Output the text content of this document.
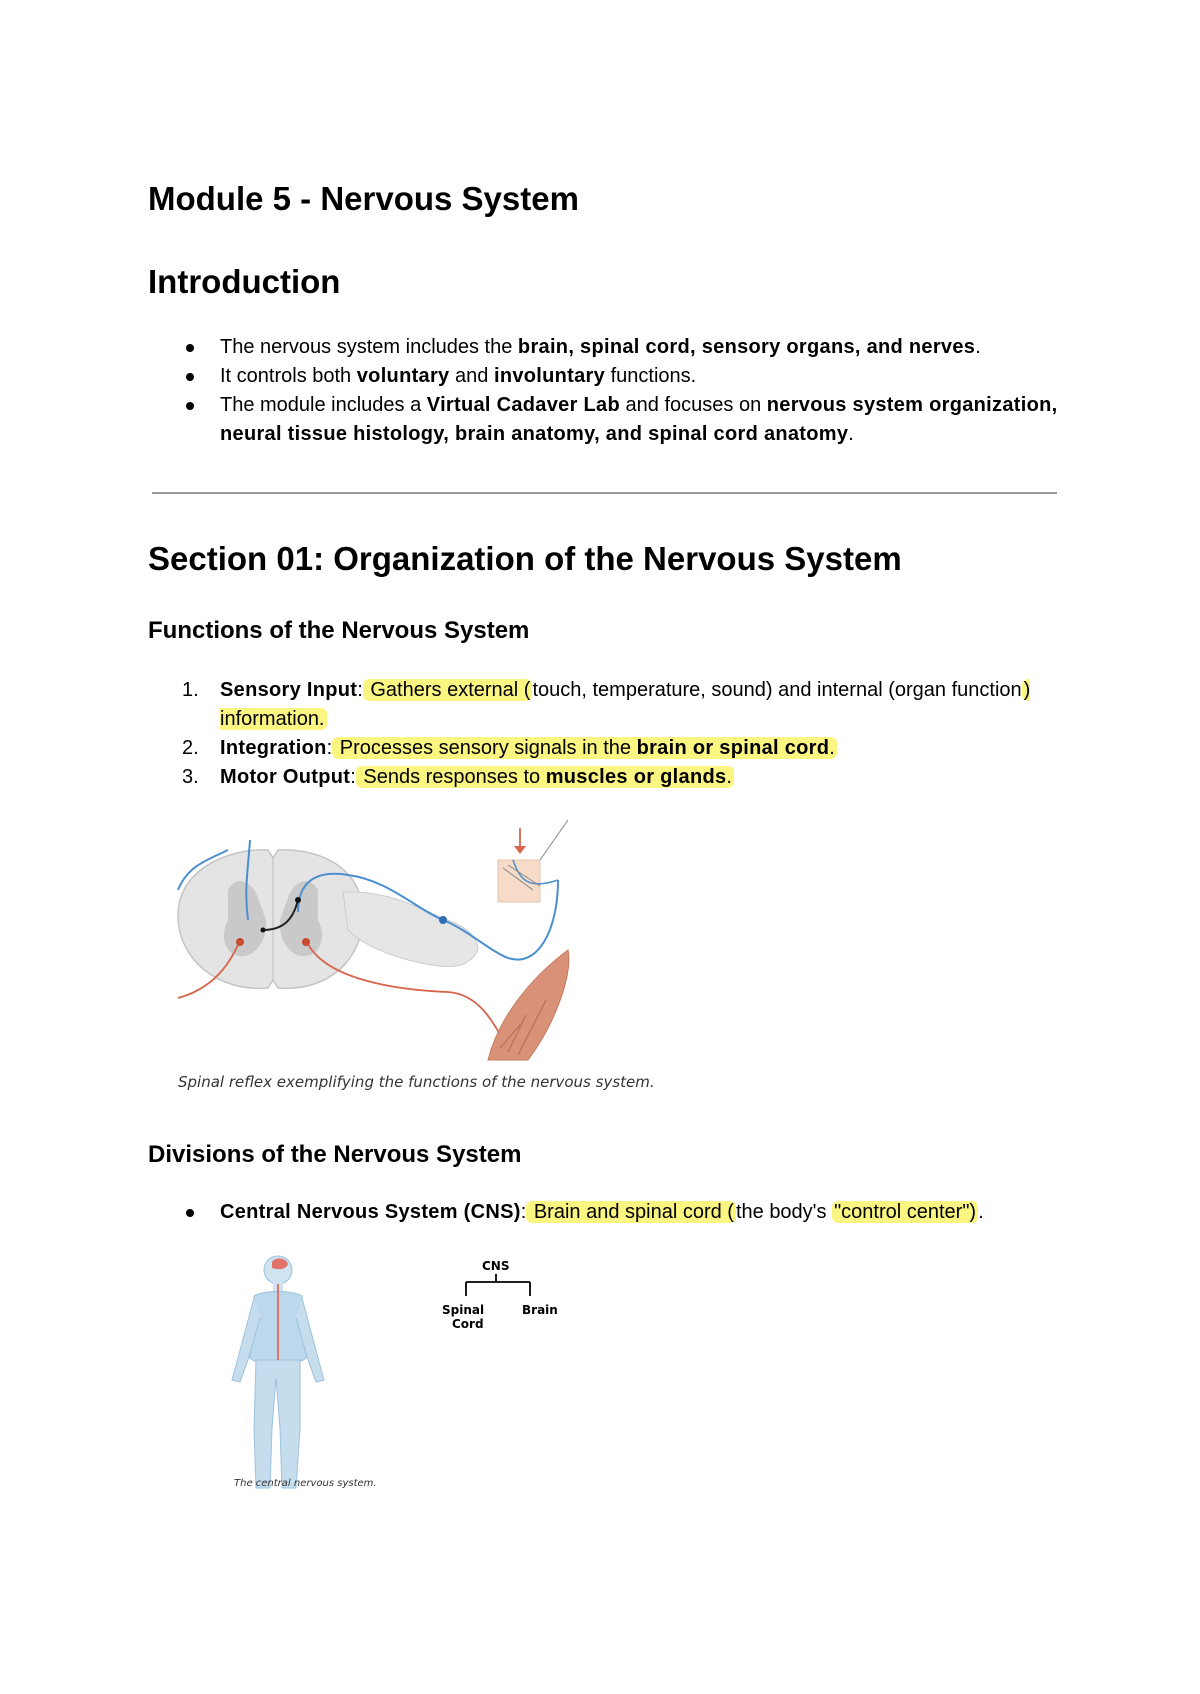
Module 5 - Nervous System
Introduction
The nervous system includes the brain, spinal cord, sensory organs, and nerves.
It controls both voluntary and involuntary functions.
The module includes a Virtual Cadaver Lab and focuses on nervous system organization, neural tissue histology, brain anatomy, and spinal cord anatomy.
Section 01: Organization of the Nervous System
Functions of the Nervous System
1. Sensory Input: Gathers external ( touch, temperature, sound) and internal (organ function ) information.
2. Integration: Processes sensory signals in the brain or spinal cord.
3. Motor Output: Sends responses to muscles or glands.
Spinal reflex exemplifying the functions of the nervous system.
Divisions of the Nervous System
Central Nervous System (CNS): Brain and spinal cord ( the body's "control center") .
The central nervous system.
CNS
Spinal
Cord
Brain
